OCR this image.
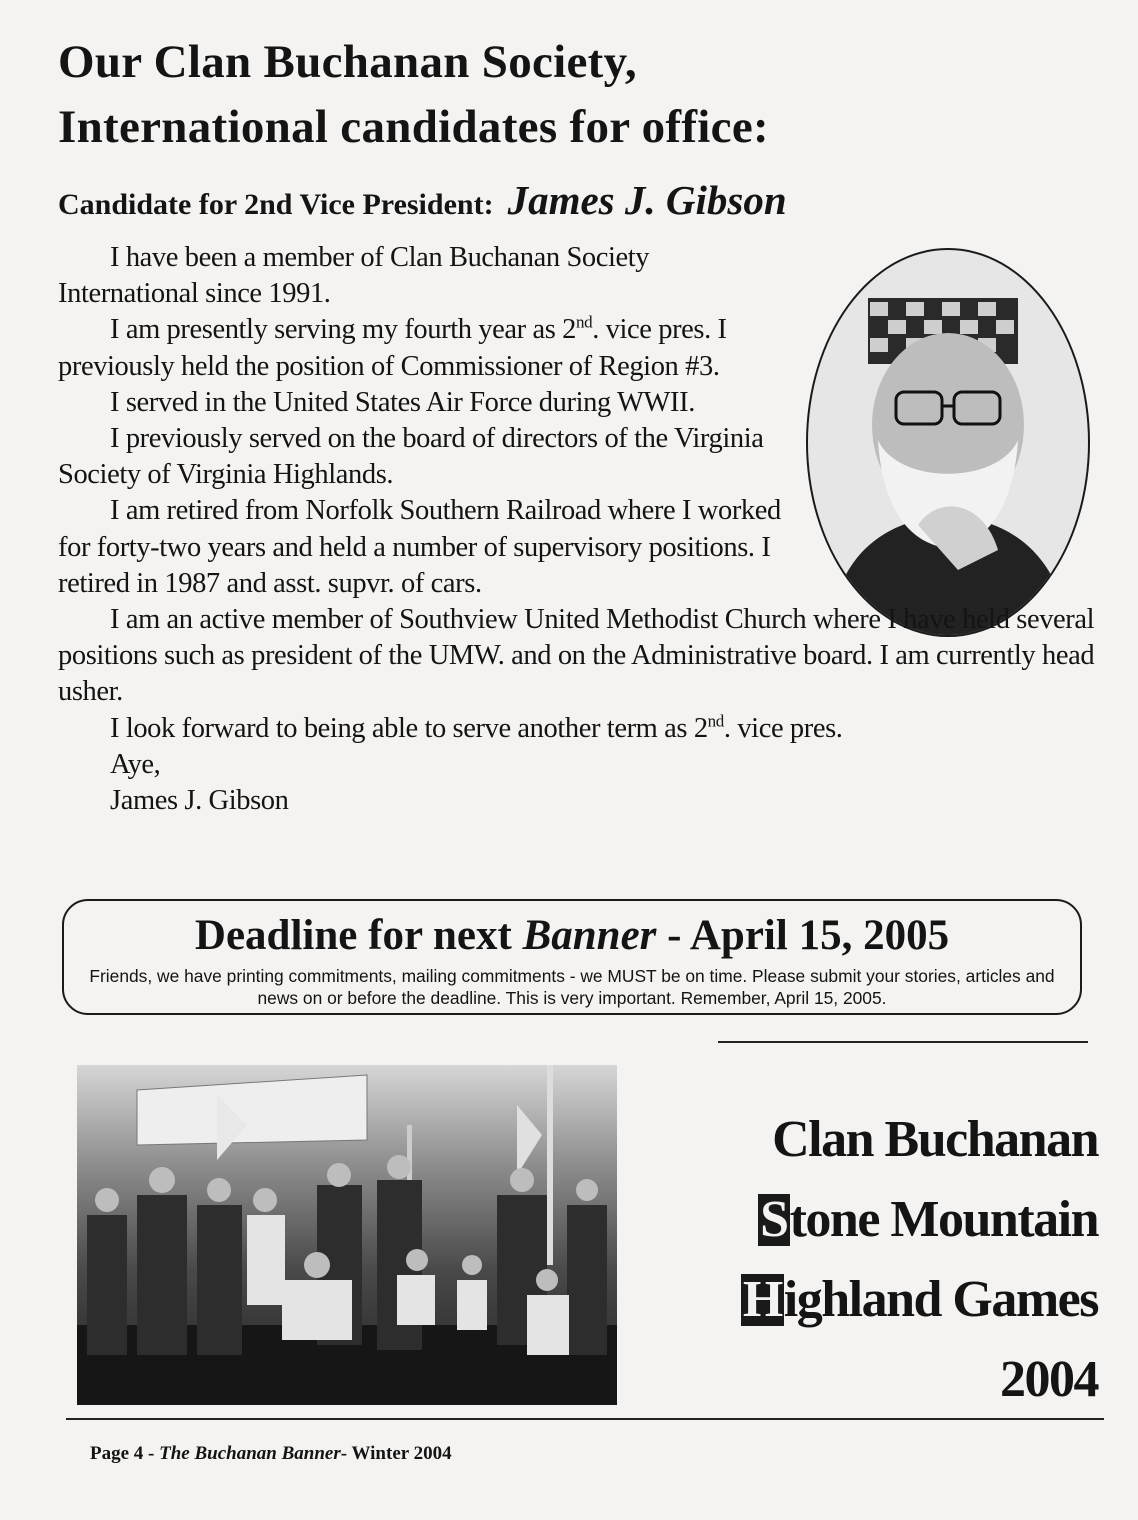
Our Clan Buchanan Society,
International candidates for office:
Candidate for 2nd Vice President: James J. Gibson

I have been a member of Clan Buchanan Society International since 1991.

I am presently serving my fourth year as 2nd. vice pres. I previously held the position of Commissioner of Region #3.

I served in the United States Air Force during WWII.

I previously served on the board of directors of the Virginia Society of Virginia Highlands.

I am retired from Norfolk Southern Railroad where I worked for forty-two years and held a number of supervisory positions. I retired in 1987 and asst. supvr. of cars.

I am an active member of Southview United Methodist Church where I have held several positions such as president of the UMW. and on the Administrative board. I am currently head usher.

I look forward to being able to serve another term as 2nd. vice pres.

Aye,

James J. Gibson

Deadline for next Banner - April 15, 2005
Friends, we have printing commitments, mailing commitments - we MUST be on time. Please submit your stories, articles and news on or before the deadline. This is very important. Remember, April 15, 2005.
Clan Buchanan
Stone Mountain
Highland Games
2004
Page 4 - The Buchanan Banner- Winter 2004
